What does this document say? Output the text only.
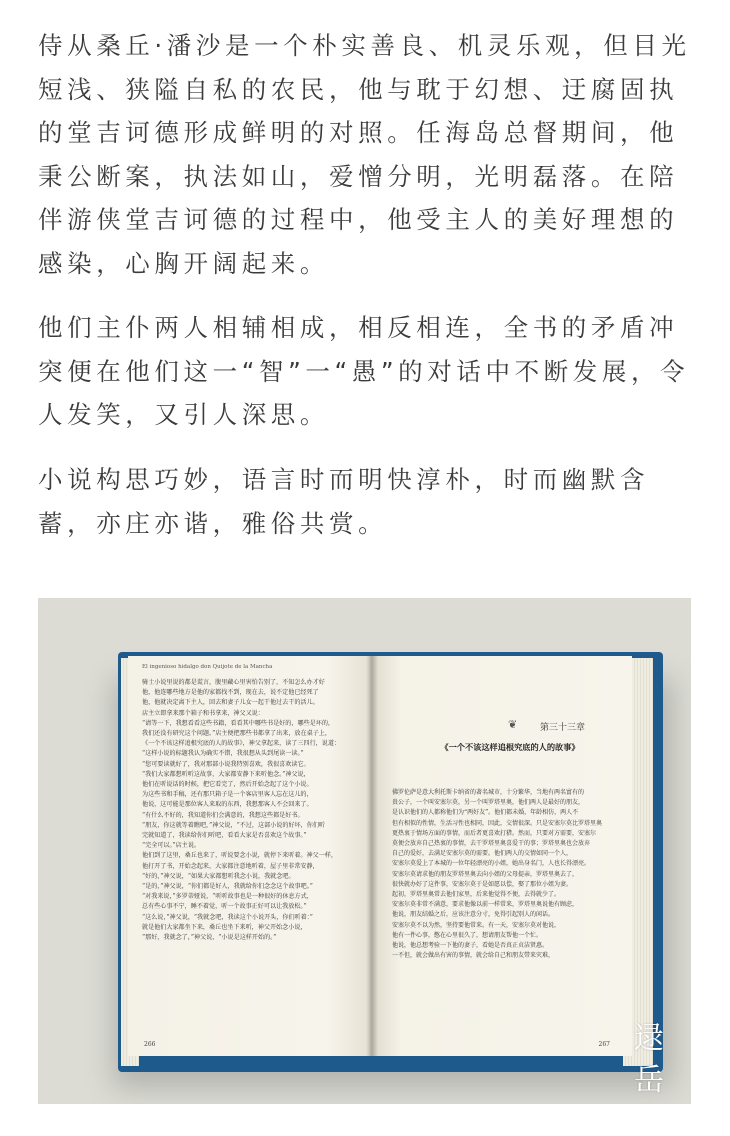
侍从桑丘·潘沙是一个朴实善良、机灵乐观，但目光短浅、狭隘自私的农民，他与耽于幻想、迂腐固执的堂吉诃德形成鲜明的对照。任海岛总督期间，他秉公断案，执法如山，爱憎分明，光明磊落。在陪伴游侠堂吉诃德的过程中，他受主人的美好理想的感染，心胸开阔起来。

他们主仆两人相辅相成，相反相连，全书的矛盾冲突便在他们这一“智”一“愚”的对话中不断发展，令人发笑，又引人深思。

小说构思巧妙，语言时而明快淳朴，时而幽默含蓄，亦庄亦谐，雅俗共赏。

El ingenioso hidalgo don Quijote de la Mancha
骑士小说里说的都是谎言，腹里藏心里害怕告别了，不知怎么办才好
他，他连哪些地方是他的家都找不到，现在去，说不定他已经死了
他，他就决定离下主人，回去和妻子儿女一起干他过去干的活儿。
店主立即拿来那个箱子和书拿来，神父又说：
“请等一下，我想看看这些书籍，看看其中哪些书是好的，哪些是坏的，
我们还没有研究这个问题。”店主便把那些书都拿了出来，放在桌子上，
《一个不该这样追根究底的人的故事》，神父拿起来，读了三四行，说道：
“这样小说的标题我认为确实不错，我很想从头到尾读一读。”
“您可要读就好了，我对那部小说我特别喜欢，我很喜欢读它。
“我们大家都想听听这故事，大家都安静下来听他念。”神父说，
他们在听说话的时候，把它看完了，然后开始念起了这个小说。
为这些书和手稿，还有那只箱子是一个客店里客人忘在这儿的，
他说，这可能是那位客人来取的东西，我想那客人不会回来了。
“有什么不好的，我知道你们会满意的，我想这些都是好书。
“朋友，你这就等着瞧吧，”神父说，“不过，这部小说的好坏，你们听
完就知道了，我读给你们听吧，看看大家是否喜欢这个故事。”
“完全可以。”店主说。
他们到了这里，桑丘也来了，听说要念小说，就停下来听着。神父一样，
他打开了书，开始念起来，大家都注意地听着，屋子里非常安静，
“好的，”神父说，“如果大家都想听我念小说，我就念吧。
“是的，”神父说，“你们都是好人，我就给你们念念这个故事吧。”
“对我来说，”多罗蒂娅说，“听听故事也是一种很好的休息方式，
总有些心事不宁，睡不着觉，听一个故事正好可以让我放松。”
“这么说，”神父说，“我就念吧，我读这个小说开头，你们听着：”
就是他们大家都坐下来，桑丘也坐下来听，神父开始念小说，
“那好，我就念了，”神父说，“小说是这样开始的。”
266
❦	第三十三章
《一个不该这样追根究底的人的故事》
佛罗伦萨是意大利托斯卡纳省的著名城市，十分繁华，当地有两名富有的
贵公子，一个叫安塞尔莫，另一个叫罗塔里奥，他们两人是最好的朋友，
是认识他们的人都称他们为“两好友”。他们都未婚，年龄相仿，两人不
但有相似的性情，生活习性也相同，因此，交情很深。只是安塞尔莫比罗塔里奥
更热衷于情场方面的事情，而后者更喜欢打猎。然而，只要对方需要，安塞尔
莫便会放弃自己热衷的事情，去干罗塔里奥喜爱干的事；罗塔里奥也会放弃
自己的爱好，去满足安塞尔莫的需要。他们两人的交情如同一个人，
安塞尔莫爱上了本城的一位年轻漂亮的小姐，她出身名门，人也长得漂亮。
安塞尔莫请求他的朋友罗塔里奥去向小姐的父母提亲，罗塔里奥去了，
很快就办好了这件事，安塞尔莫于是如愿以偿，娶了那位小姐为妻。
起初，罗塔里奥常去他们家里，后来他觉得不便，去得就少了。
安塞尔莫非常不满意，要求他像以前一样常来，罗塔里奥说他有顾虑，
他说，朋友结婚之后，应该注意分寸，免得引起别人的闲话。
安塞尔莫不以为然，坚持要他常来。有一天，安塞尔莫对他说，
他有一件心事，憋在心里很久了，想请朋友帮他一个忙。
他说，他总想考验一下他的妻子，看她是否真正贞洁贤惠。
一不但，就会做出有害的事情，就会给自己和朋友带来灾难，
267 逯岳
